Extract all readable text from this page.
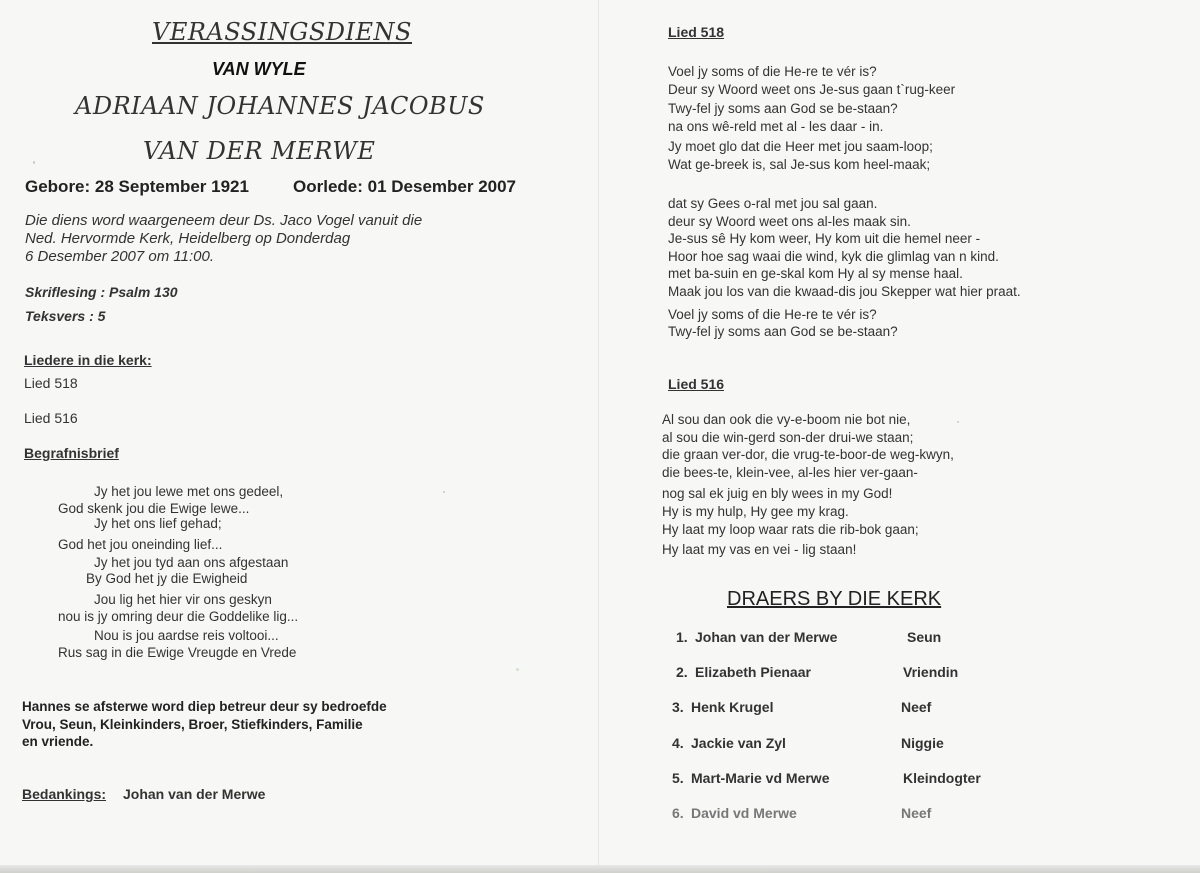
VERASSINGSDIENS
VAN WYLE
ADRIAAN JOHANNES JACOBUS
VAN DER MERWE
Gebore: 28 September 1921	Oorlede: 01 Desember 2007
Die diens word waargeneem deur Ds. Jaco Vogel vanuit die
Ned. Hervormde Kerk, Heidelberg op Donderdag
6 Desember 2007 om 11:00.
Skriflesing : Psalm 130
Teksvers : 5
Liedere in die kerk:
Lied 518
Lied 516
Begrafnisbrief
Jy het jou lewe met ons gedeel,
God skenk jou die Ewige lewe...
Jy het ons lief gehad;
God het jou oneinding lief...
Jy het jou tyd aan ons afgestaan
By God het jy die Ewigheid
Jou lig het hier vir ons geskyn
nou is jy omring deur die Goddelike lig...
Nou is jou aardse reis voltooi...
Rus sag in die Ewige Vreugde en Vrede
Hannes se afsterwe word diep betreur deur sy bedroefde
Vrou, Seun, Kleinkinders, Broer, Stiefkinders, Familie
en vriende.
Bedankings: Johan van der Merwe
Lied 518
Voel jy soms of die He-re te vér is?
Deur sy Woord weet ons Je-sus gaan t`rug-keer
Twy-fel jy soms aan God se be-staan?
na ons wê-reld met al - les daar - in.
Jy moet glo dat die Heer met jou saam-loop;
Wat ge-breek is, sal Je-sus kom heel-maak;
dat sy Gees o-ral met jou sal gaan.
deur sy Woord weet ons al-les maak sin.
Je-sus sê Hy kom weer, Hy kom uit die hemel neer -
Hoor hoe sag waai die wind, kyk die glimlag van n kind.
met ba-suin en ge-skal kom Hy al sy mense haal.
Maak jou los van die kwaad-dis jou Skepper wat hier praat.
Voel jy soms of die He-re te vér is?
Twy-fel jy soms aan God se be-staan?
Lied 516
Al sou dan ook die vy-e-boom nie bot nie,
al sou die win-gerd son-der drui-we staan;
die graan ver-dor, die vrug-te-boor-de weg-kwyn,
die bees-te, klein-vee, al-les hier ver-gaan-
nog sal ek juig en bly wees in my God!
Hy is my hulp, Hy gee my krag.
Hy laat my loop waar rats die rib-bok gaan;
Hy laat my vas en vei - lig staan!
DRAERS BY DIE KERK
1. Johan van der Merwe	Seun
2. Elizabeth Pienaar	Vriendin
3. Henk Krugel	Neef
4. Jackie van Zyl	Niggie
5. Mart-Marie vd Merwe	Kleindogter
6. David vd Merwe	Neef
